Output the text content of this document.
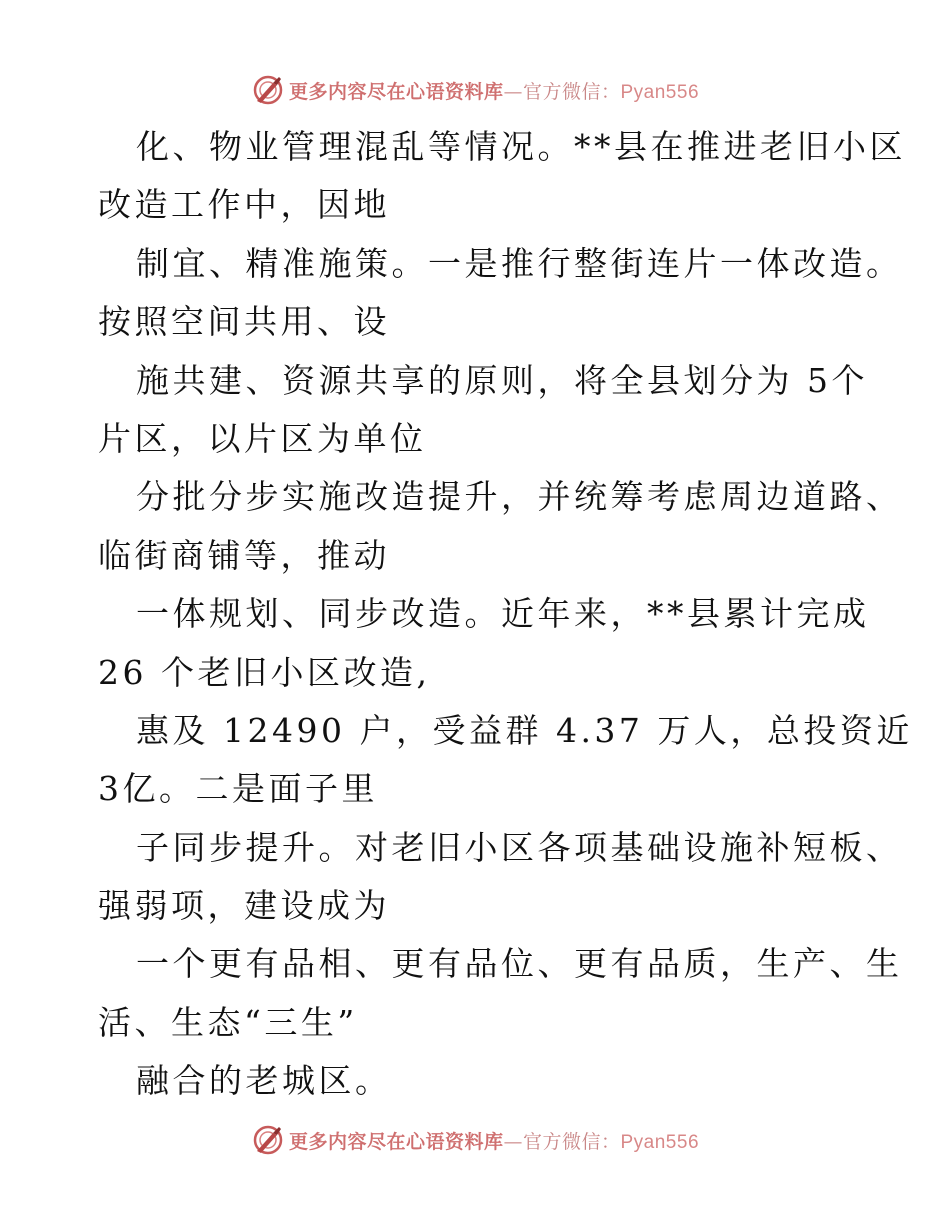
更多内容尽在心语资料库—官方微信：Pyan556
化、物业管理混乱等情况。**县在推进老旧小区
改造工作中，因地
制宜、精准施策。一是推行整街连片一体改造。
按照空间共用、设
施共建、资源共享的原则，将全县划分为 5个
片区，以片区为单位
分批分步实施改造提升，并统筹考虑周边道路、
临街商铺等，推动
一体规划、同步改造。近年来，**县累计完成
26 个老旧小区改造,
惠及 12490 户，受益群 4.37 万人，总投资近
3亿。二是面子里
子同步提升。对老旧小区各项基础设施补短板、
强弱项，建设成为
一个更有品相、更有品位、更有品质，生产、生
活、生态“三生”
融合的老城区。
更多内容尽在心语资料库—官方微信：Pyan556
